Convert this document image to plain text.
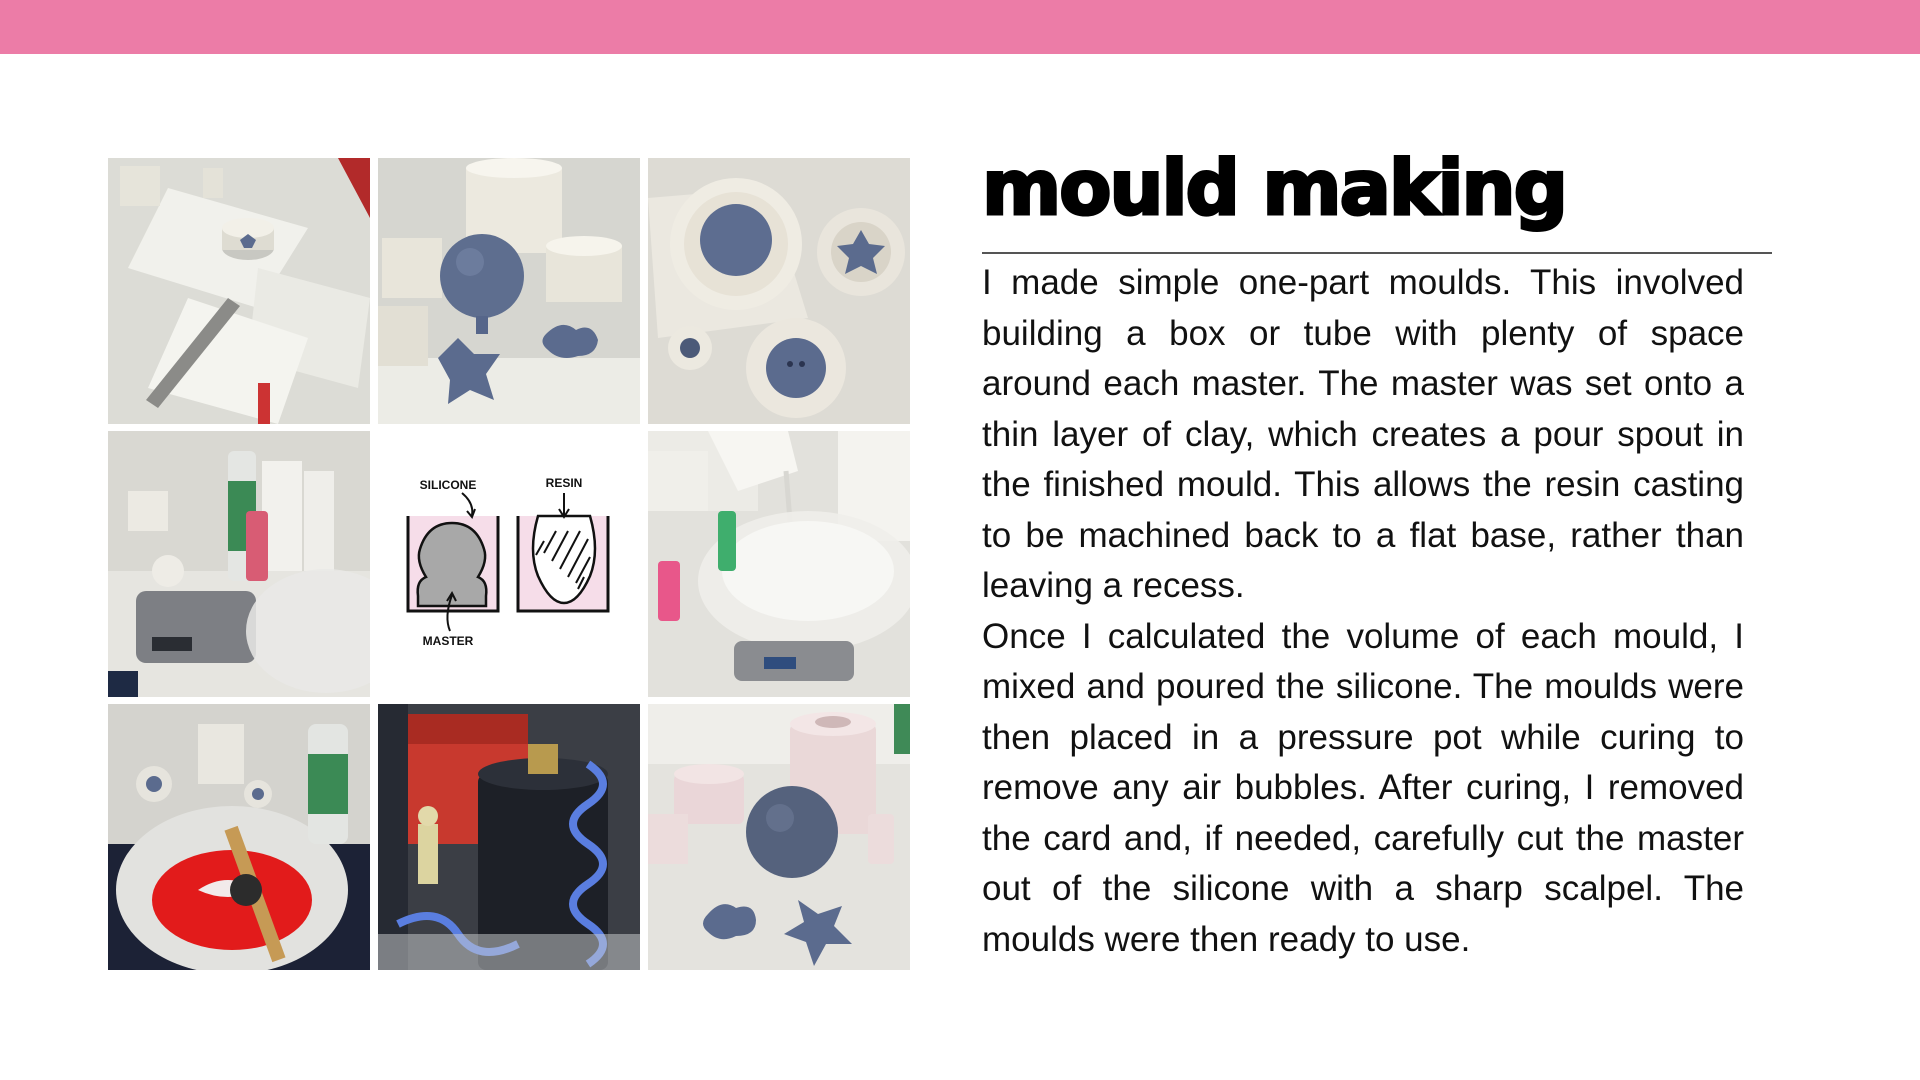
SILICONE	RESIN
MASTER
mould making

I made simple one-part moulds. This involved building a box or tube with plenty of space around each master. The master was set onto a thin layer of clay, which creates a pour spout in the finished mould. This allows the resin casting to be machined back to a flat base, rather than leaving a recess.

Once I calculated the volume of each mould, I mixed and poured the silicone. The moulds were then placed in a pressure pot while curing to remove any air bubbles. After curing, I removed the card and, if needed, carefully cut the master out of the silicone with a sharp scalpel. The moulds were then ready to use.
